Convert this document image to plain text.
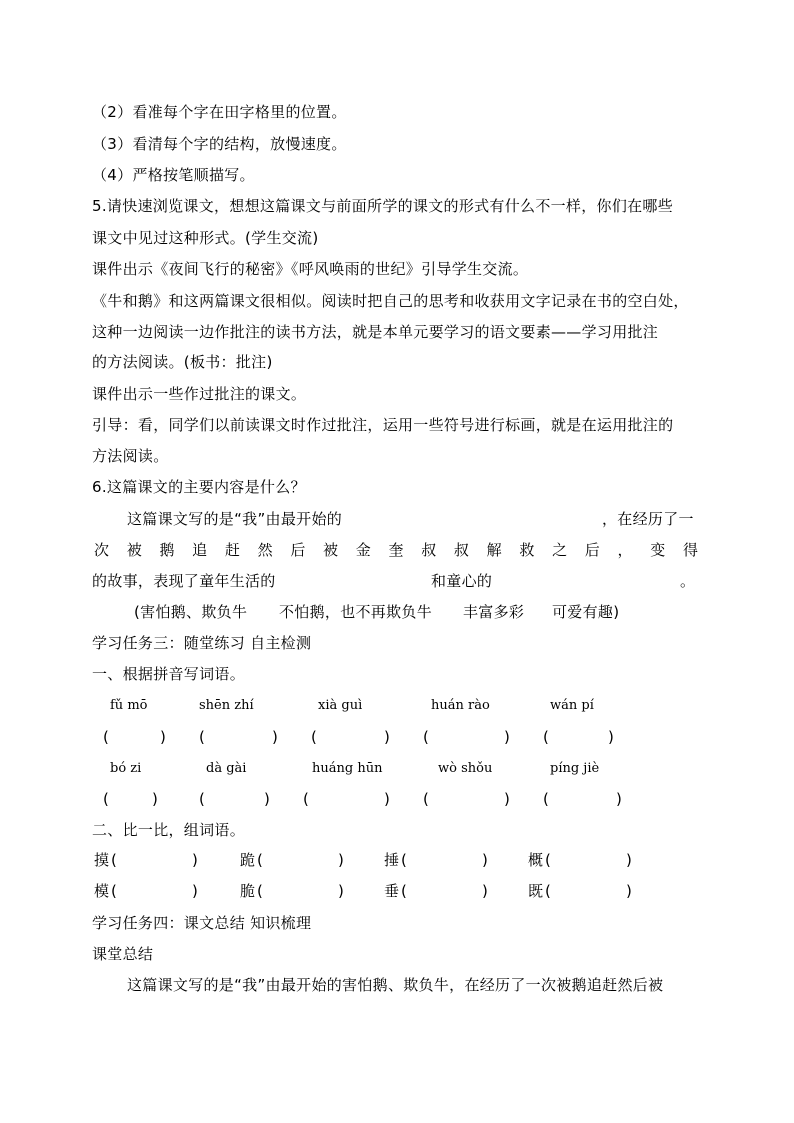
（2）看准每个字在田字格里的位置。
（3）看清每个字的结构，放慢速度。
（4）严格按笔顺描写。
5.请快速浏览课文，想想这篇课文与前面所学的课文的形式有什么不一样，你们在哪些
课文中见过这种形式。(学生交流)
课件出示《夜间飞行的秘密》《呼风唤雨的世纪》引导学生交流。
《牛和鹅》和这两篇课文很相似。阅读时把自己的思考和收获用文字记录在书的空白处，
这种一边阅读一边作批注的读书方法，就是本单元要学习的语文要素——学习用批注
的方法阅读。(板书：批注)
课件出示一些作过批注的课文。
引导：看，同学们以前读课文时作过批注，运用一些符号进行标画，就是在运用批注的
方法阅读。
6.这篇课文的主要内容是什么？
这篇课文写的是“我”由最开始的	，在经历了一
次 被 鹅 追 赶 然 后 被 金 奎 叔 叔 解 救 之 后 ， 变 得
的故事，表现了童年生活的	和童心的	。
(害怕鹅、欺负牛 不怕鹅，也不再欺负牛 丰富多彩 可爱有趣)
学习任务三：随堂练习 自主检测
一、根据拼音写词语。
fǔ mō	shēn zhí	xià guì	huán rào	wán pí
(	) (	) (	) (	) (	)
bó zi	dà gài	huáng hūn	wò shǒu	píng jiè
(	)	(	) (	) (	) (	)
二、比一比，组词语。
摸 (	)	跪 (	)	捶 (	)	概 (	)
模 (	)	脆 (	)	垂 (	)	既 (	)
学习任务四：课文总结 知识梳理
课堂总结
这篇课文写的是“我”由最开始的害怕鹅、欺负牛，在经历了一次被鹅追赶然后被
